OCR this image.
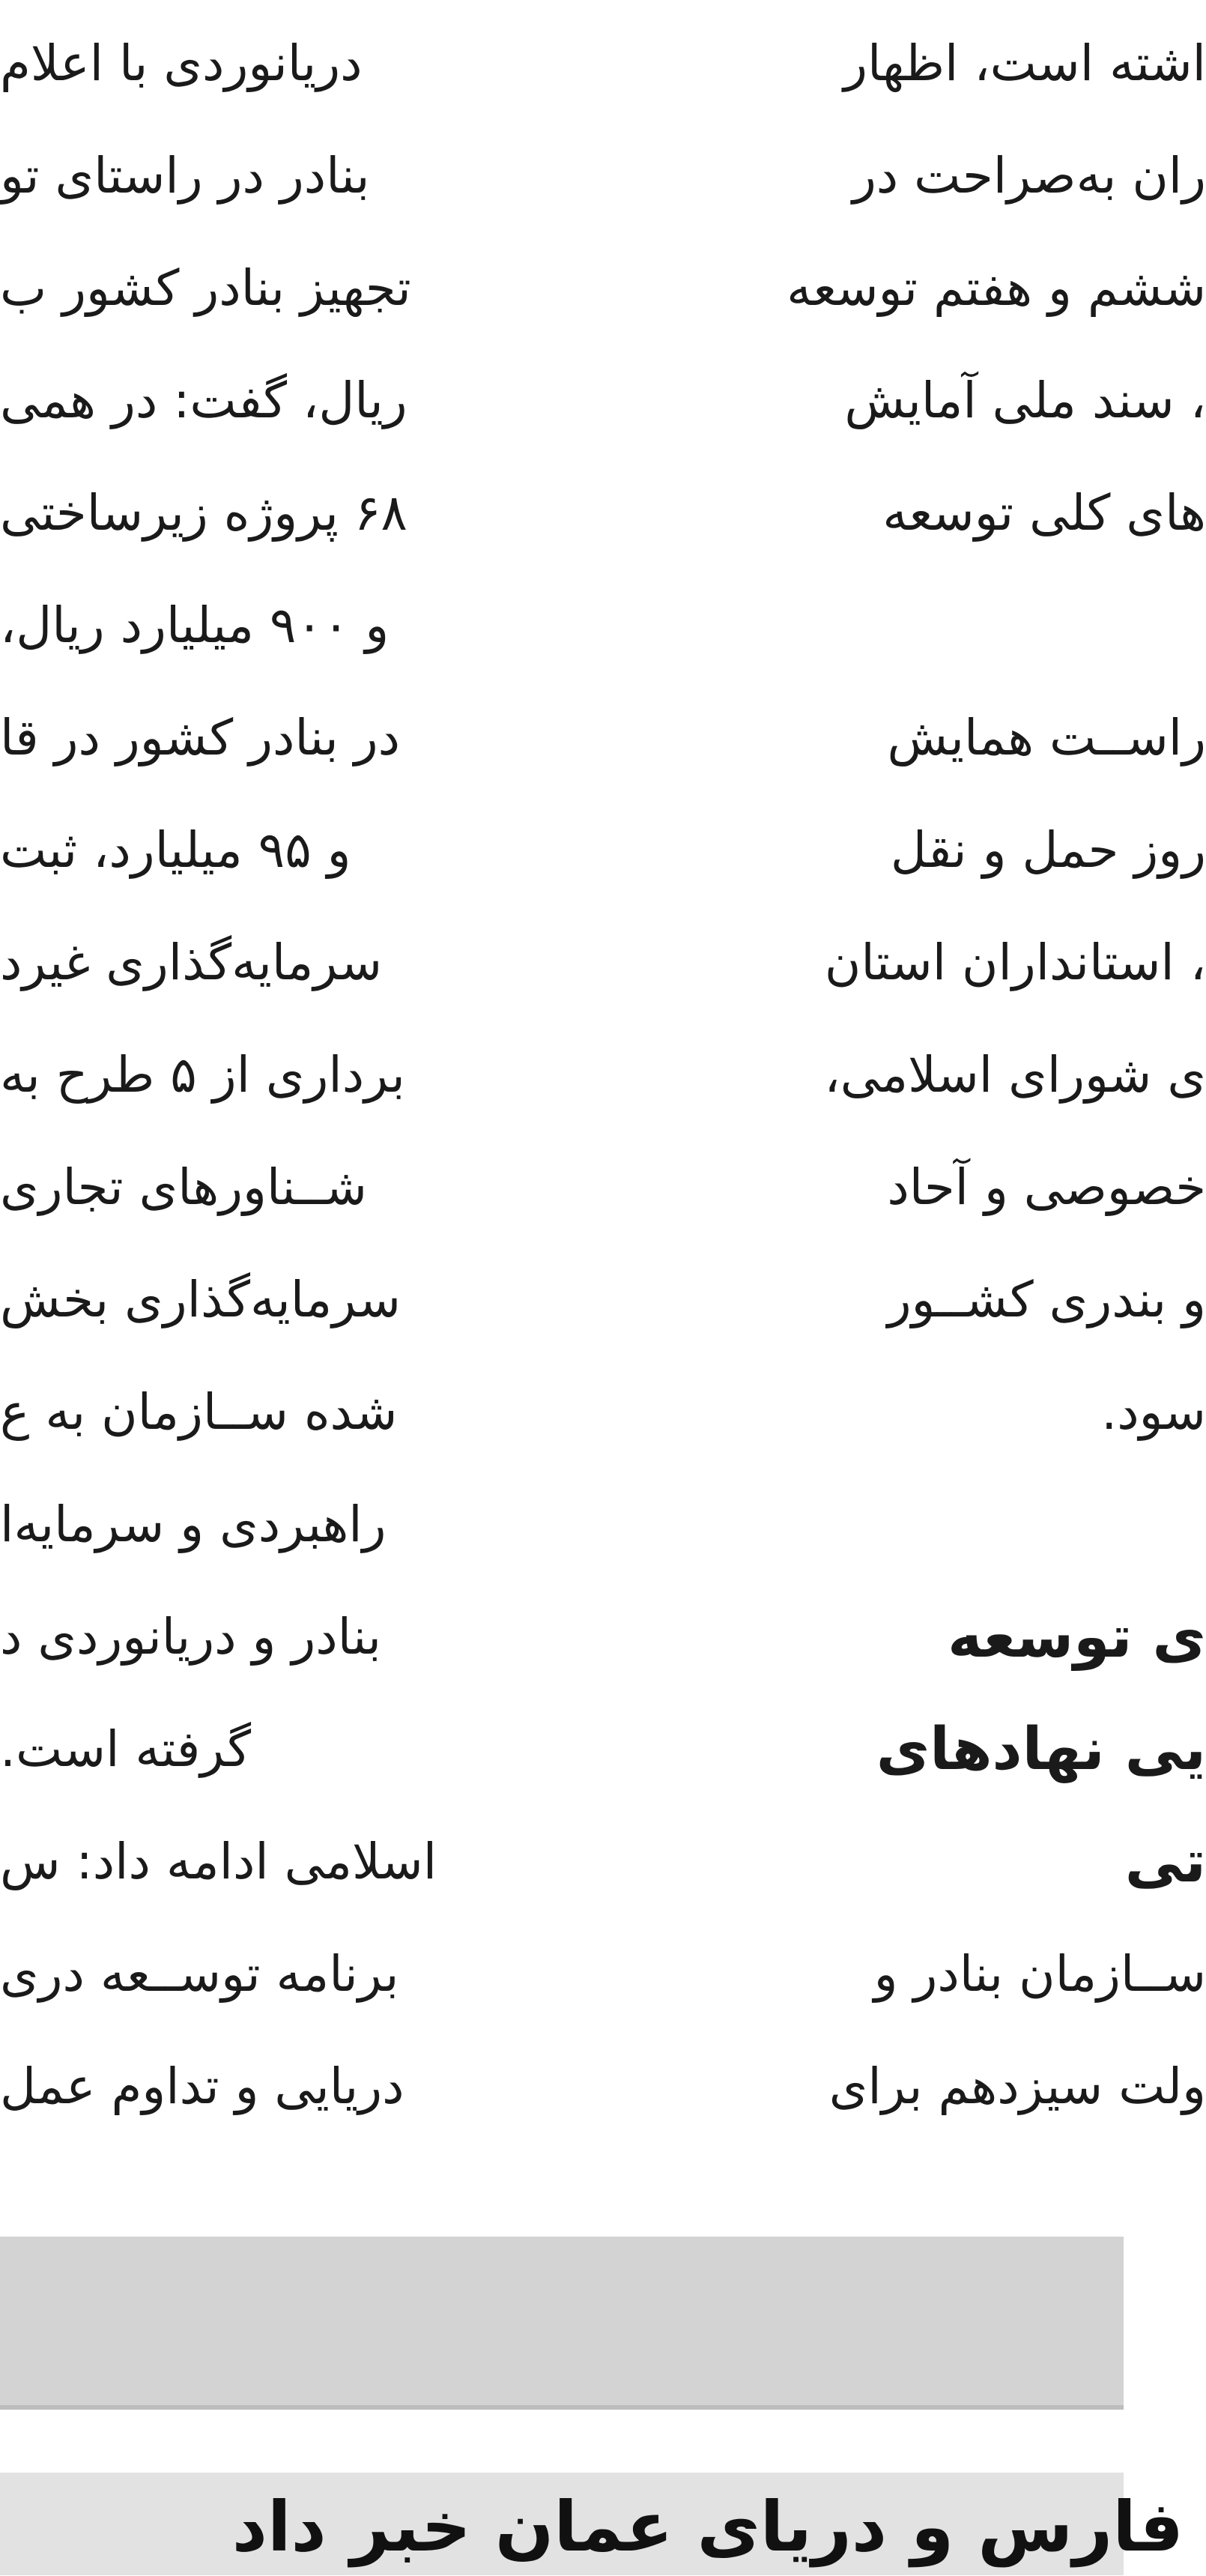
اشته است، اظهار
ران به‌صراحت در
ششم و هفتم توسعه
، سند ملی آمایش
‌های کلی توسعه
راســت همایش
روز حمل و نقل
، استانداران استان
ی شورای اسلامی،
خصوصی و آحاد
و بندری کشــور
سود.
ی توسعه
یی نهادهای
تی
ســازمان بنادر و
ولت سیزدهم برای
دریانوردی با اعلام
بنادر در راستای تو
تجهیز بنادر کشور ب
ریال، گفت: در همی
۶۸ پروژه زیرساختی
و ۹۰۰ میلیارد ریال،
در بنادر کشور در قا
و ۹۵ میلیارد، ثبت
سرمایه‌گذاری غیرد
برداری از ۵ طرح به
شــناورهای تجاری
سرمایه‌گذاری بخش
شده ســازمان به ع
راهبردی و سرمایه‌ا
بنادر و دریانوردی د
گرفته است.
اسلامی ادامه داد: س
برنامه توســعه دری
دریایی و تداوم عمل
فارس و دریای عمان خبر داد
